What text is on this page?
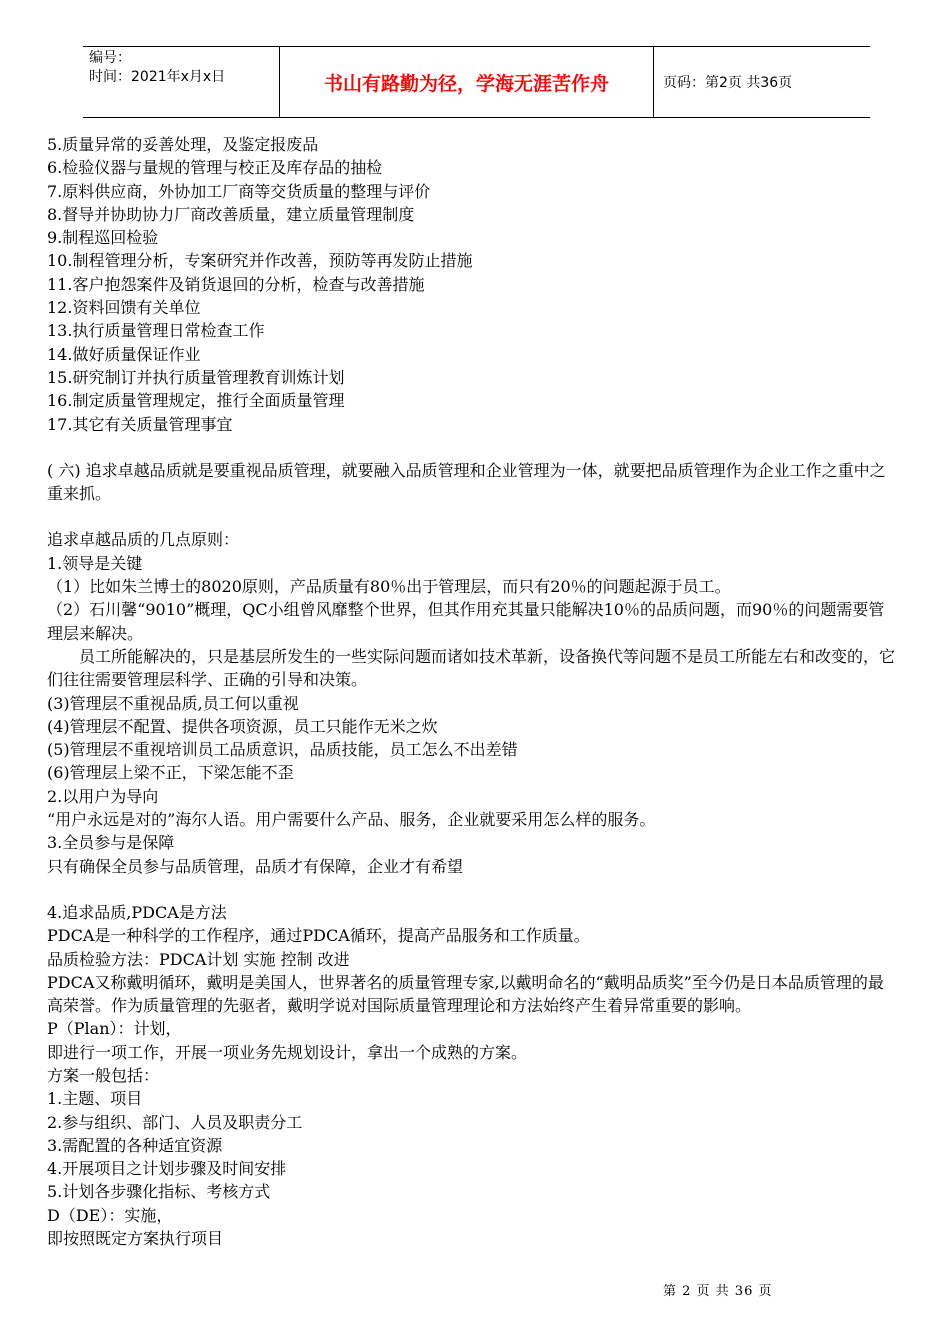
编号：
时间：2021年x月x日	书山有路勤为径，学海无涯苦作舟	页码：第2页 共36页

5.质量异常的妥善处理，及鉴定报废品

6.检验仪器与量规的管理与校正及库存品的抽检

7.原料供应商，外协加工厂商等交货质量的整理与评价

8.督导并协助协力厂商改善质量，建立质量管理制度

9.制程巡回检验

10.制程管理分析，专案研究并作改善，预防等再发防止措施

11.客户抱怨案件及销货退回的分析，检查与改善措施

12.资料回馈有关单位

13.执行质量管理日常检查工作

14.做好质量保证作业

15.研究制订并执行质量管理教育训炼计划

16.制定质量管理规定，推行全面质量管理

17.其它有关质量管理事宜

( 六) 追求卓越品质就是要重视品质管理，就要融入品质管理和企业管理为一体，就要把品质管理作为企业工作之重中之重来抓。

追求卓越品质的几点原则：

1.领导是关键

（1）比如朱兰博士的8020原则，产品质量有80％出于管理层，而只有20％的问题起源于员工。

（2）石川馨“9010”概理，QC小组曾风靡整个世界，但其作用充其量只能解决10％的品质问题，而90％的问题需要管理层来解决。

员工所能解决的，只是基层所发生的一些实际问题而诸如技术革新，设备换代等问题不是员工所能左右和改变的，它们往往需要管理层科学、正确的引导和决策。

(3)管理层不重视品质,员工何以重视

(4)管理层不配置、提供各项资源，员工只能作无米之炊

(5)管理层不重视培训员工品质意识，品质技能，员工怎么不出差错

(6)管理层上梁不正，下梁怎能不歪

2.以用户为导向

“用户永远是对的”海尔人语。用户需要什么产品、服务，企业就要采用怎么样的服务。

3.全员参与是保障

只有确保全员参与品质管理，品质才有保障，企业才有希望

4.追求品质,PDCA是方法

PDCA是一种科学的工作程序，通过PDCA循环，提高产品服务和工作质量。

品质检验方法：PDCA计划 实施 控制 改进

PDCA又称戴明循环，戴明是美国人，世界著名的质量管理专家,以戴明命名的“戴明品质奖”至今仍是日本品质管理的最高荣誉。作为质量管理的先驱者，戴明学说对国际质量管理理论和方法始终产生着异常重要的影响。

P（Plan）：计划，

即进行一项工作，开展一项业务先规划设计，拿出一个成熟的方案。

方案一般包括：

1.主题、项目

2.参与组织、部门、人员及职责分工

3.需配置的各种适宜资源

4.开展项目之计划步骤及时间安排

5.计划各步骤化指标、考核方式

D（DE）：实施，

即按照既定方案执行项目

第 2 页 共 36 页
